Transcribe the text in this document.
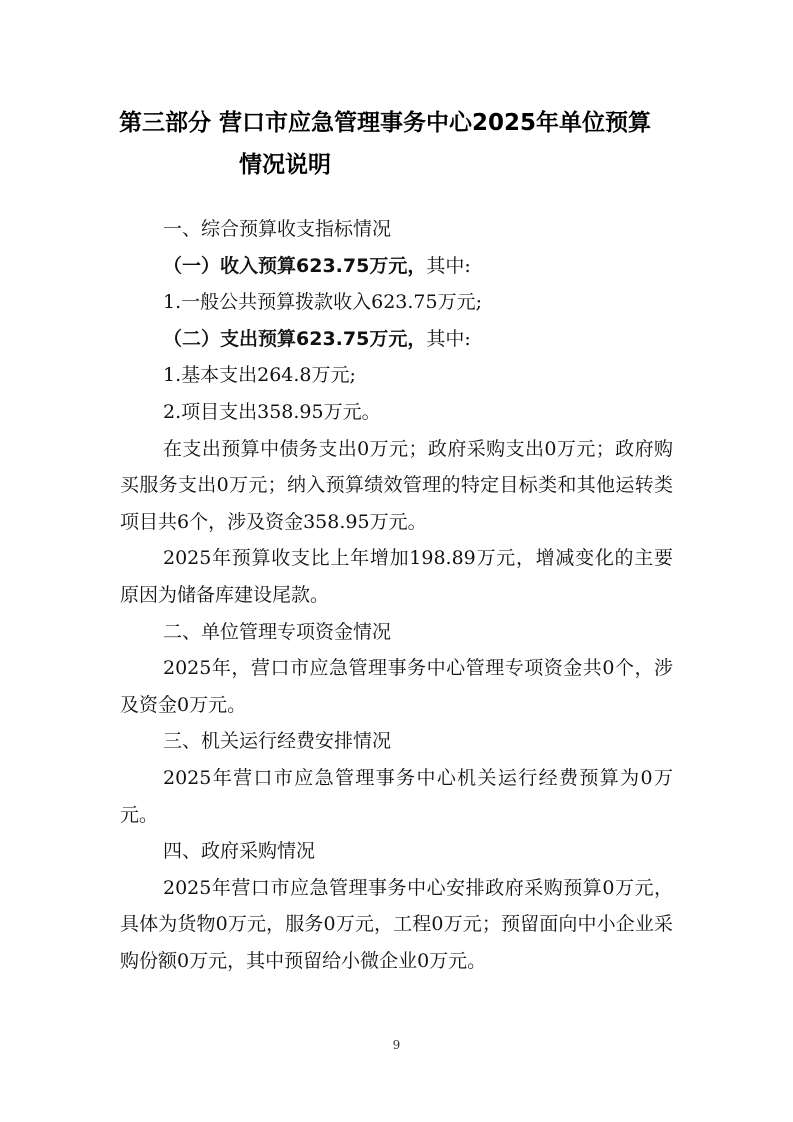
第三部分 营口市应急管理事务中心2025年单位预算
情况说明

一、综合预算收支指标情况

（一）收入预算623.75万元，其中:

1.一般公共预算拨款收入623.75万元;

（二）支出预算623.75万元，其中:

1.基本支出264.8万元;

2.项目支出358.95万元。

在支出预算中债务支出0万元；政府采购支出0万元；政府购买服务支出0万元；纳入预算绩效管理的特定目标类和其他运转类项目共6个，涉及资金358.95万元。

2025年预算收支比上年增加198.89万元，增减变化的主要原因为储备库建设尾款。

二、单位管理专项资金情况

2025年，营口市应急管理事务中心管理专项资金共0个，涉及资金0万元。

三、机关运行经费安排情况

2025年营口市应急管理事务中心机关运行经费预算为0万元。

四、政府采购情况

2025年营口市应急管理事务中心安排政府采购预算0万元，具体为货物0万元，服务0万元，工程0万元；预留面向中小企业采购份额0万元，其中预留给小微企业0万元。

9
